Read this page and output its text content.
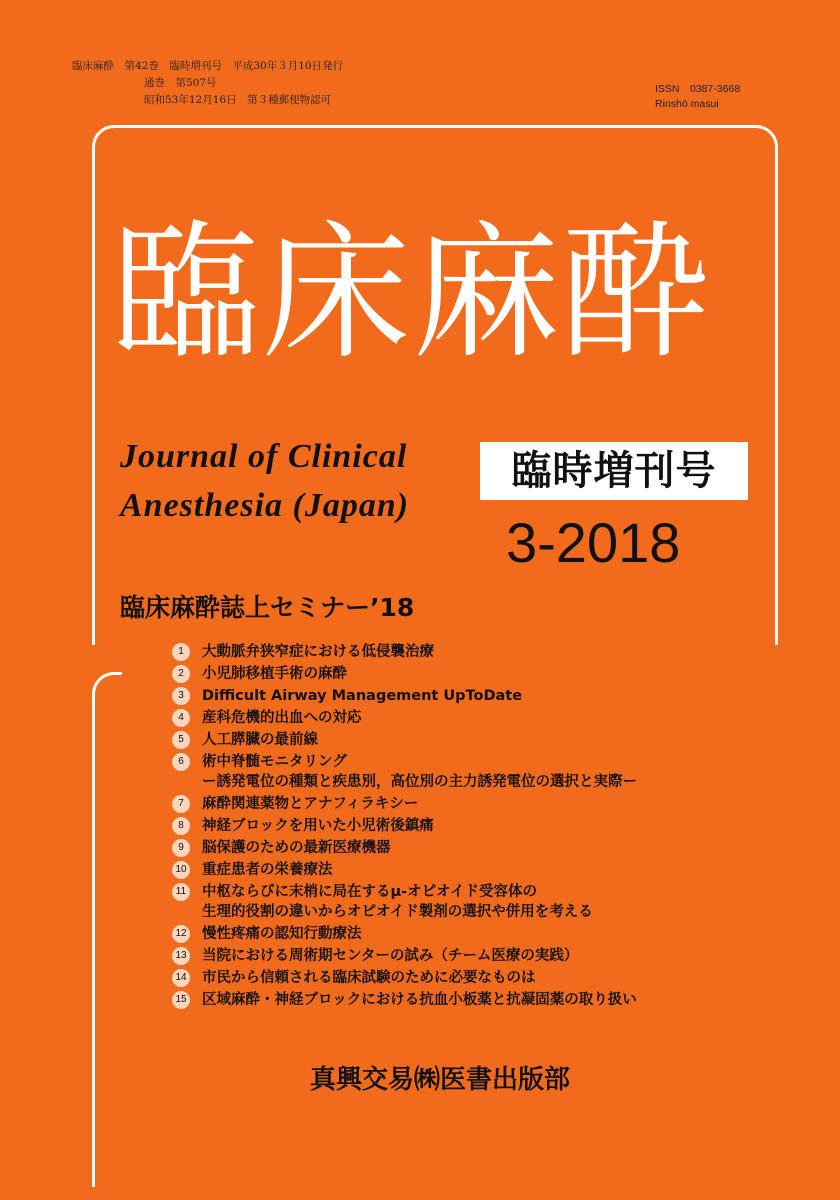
臨床麻酔　第42巻　臨時増刊号　平成30年３月10日発行
通巻　第507号
昭和53年12月16日　第３種郵便物認可
ISSN　0387-3668
Rinshō masui
臨床麻酔
Journal of Clinical
Anesthesia (Japan)
臨時増刊号
3-2018
臨床麻酔誌上セミナー’18
1	大動脈弁狭窄症における低侵襲治療
2	小児肺移植手術の麻酔
3	Difficult Airway Management UpToDate
4	産科危機的出血への対応
5	人工膵臓の最前線
6	術中脊髄モニタリング
ー誘発電位の種類と疾患別，高位別の主力誘発電位の選択と実際ー
7	麻酔関連薬物とアナフィラキシー
8	神経ブロックを用いた小児術後鎮痛
9	脳保護のための最新医療機器
10 重症患者の栄養療法
11 中枢ならびに末梢に局在するμ-オピオイド受容体の
生理的役割の違いからオピオイド製剤の選択や併用を考える
12 慢性疼痛の認知行動療法
13 当院における周術期センターの試み（チーム医療の実践）
14 市民から信頼される臨床試験のために必要なものは
15 区域麻酔・神経ブロックにおける抗血小板薬と抗凝固薬の取り扱い
真興交易㈱医書出版部
